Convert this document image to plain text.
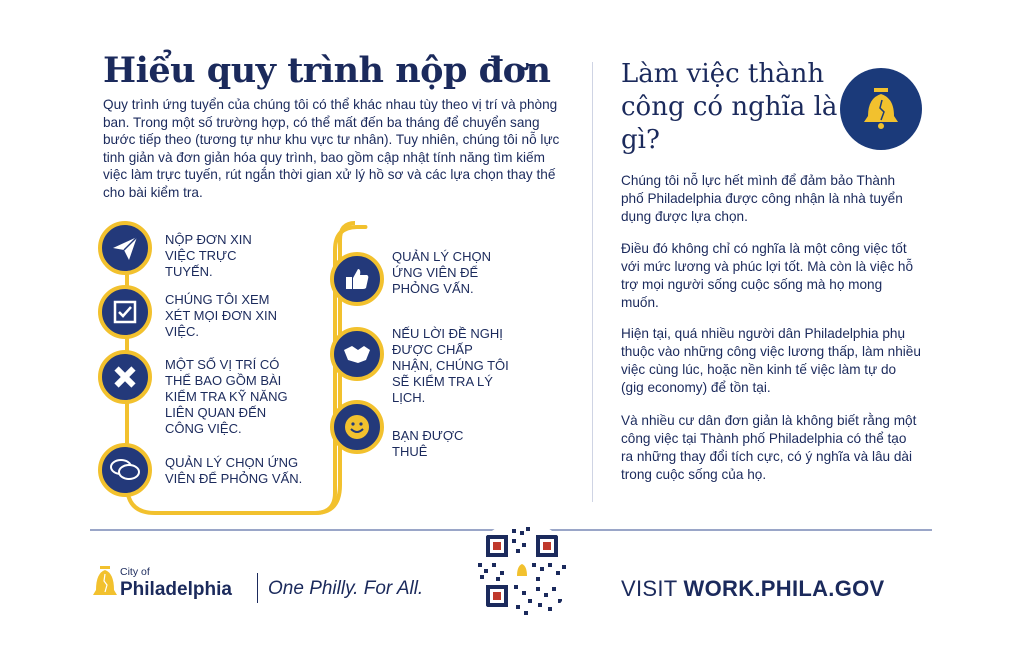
Hiểu quy trình nộp đơn
Quy trình ứng tuyển của chúng tôi có thể khác nhau tùy theo vị trí và phòng ban. Trong một số trường hợp, có thể mất đến ba tháng để chuyển sang bước tiếp theo (tương tự như khu vực tư nhân). Tuy nhiên, chúng tôi nỗ lực tinh giản và đơn giản hóa quy trình, bao gồm cập nhật tính năng tìm kiếm việc làm trực tuyến, rút ngắn thời gian xử lý hồ sơ và các lựa chọn thay thế cho bài kiểm tra.
NỘP ĐƠN XIN VIỆC TRỰC TUYẾN.
CHÚNG TÔI XEM XÉT MỌI ĐƠN XIN VIỆC.
MỘT SỐ VỊ TRÍ CÓ THỂ BAO GỒM BÀI KIỂM TRA KỸ NĂNG LIÊN QUAN ĐẾN CÔNG VIỆC.
QUẢN LÝ CHỌN ỨNG VIÊN ĐỂ PHỎNG VẤN.
QUẢN LÝ CHỌN ỨNG VIÊN ĐỂ PHỎNG VẤN.
NẾU LỜI ĐỀ NGHỊ ĐƯỢC CHẤP NHẬN, CHÚNG TÔI SẼ KIỂM TRA LÝ LỊCH.
BẠN ĐƯỢC THUÊ
Làm việc thành công có nghĩa là gì?
Chúng tôi nỗ lực hết mình để đảm bảo Thành phố Philadelphia được công nhận là nhà tuyển dụng được lựa chọn.
Điều đó không chỉ có nghĩa là một công việc tốt với mức lương và phúc lợi tốt. Mà còn là việc hỗ trợ mọi người sống cuộc sống mà họ mong muốn.
Hiện tại, quá nhiều người dân Philadelphia phụ thuộc vào những công việc lương thấp, làm nhiều việc cùng lúc, hoặc nền kinh tế việc làm tự do (gig economy) để tồn tại.
Và nhiều cư dân đơn giản là không biết rằng một công việc tại Thành phố Philadelphia có thể tạo ra những thay đổi tích cực, có ý nghĩa và lâu dài trong cuộc sống của họ.
City of
Philadelphia One Philly. For All.	VISIT WORK.PHILA.GOV
